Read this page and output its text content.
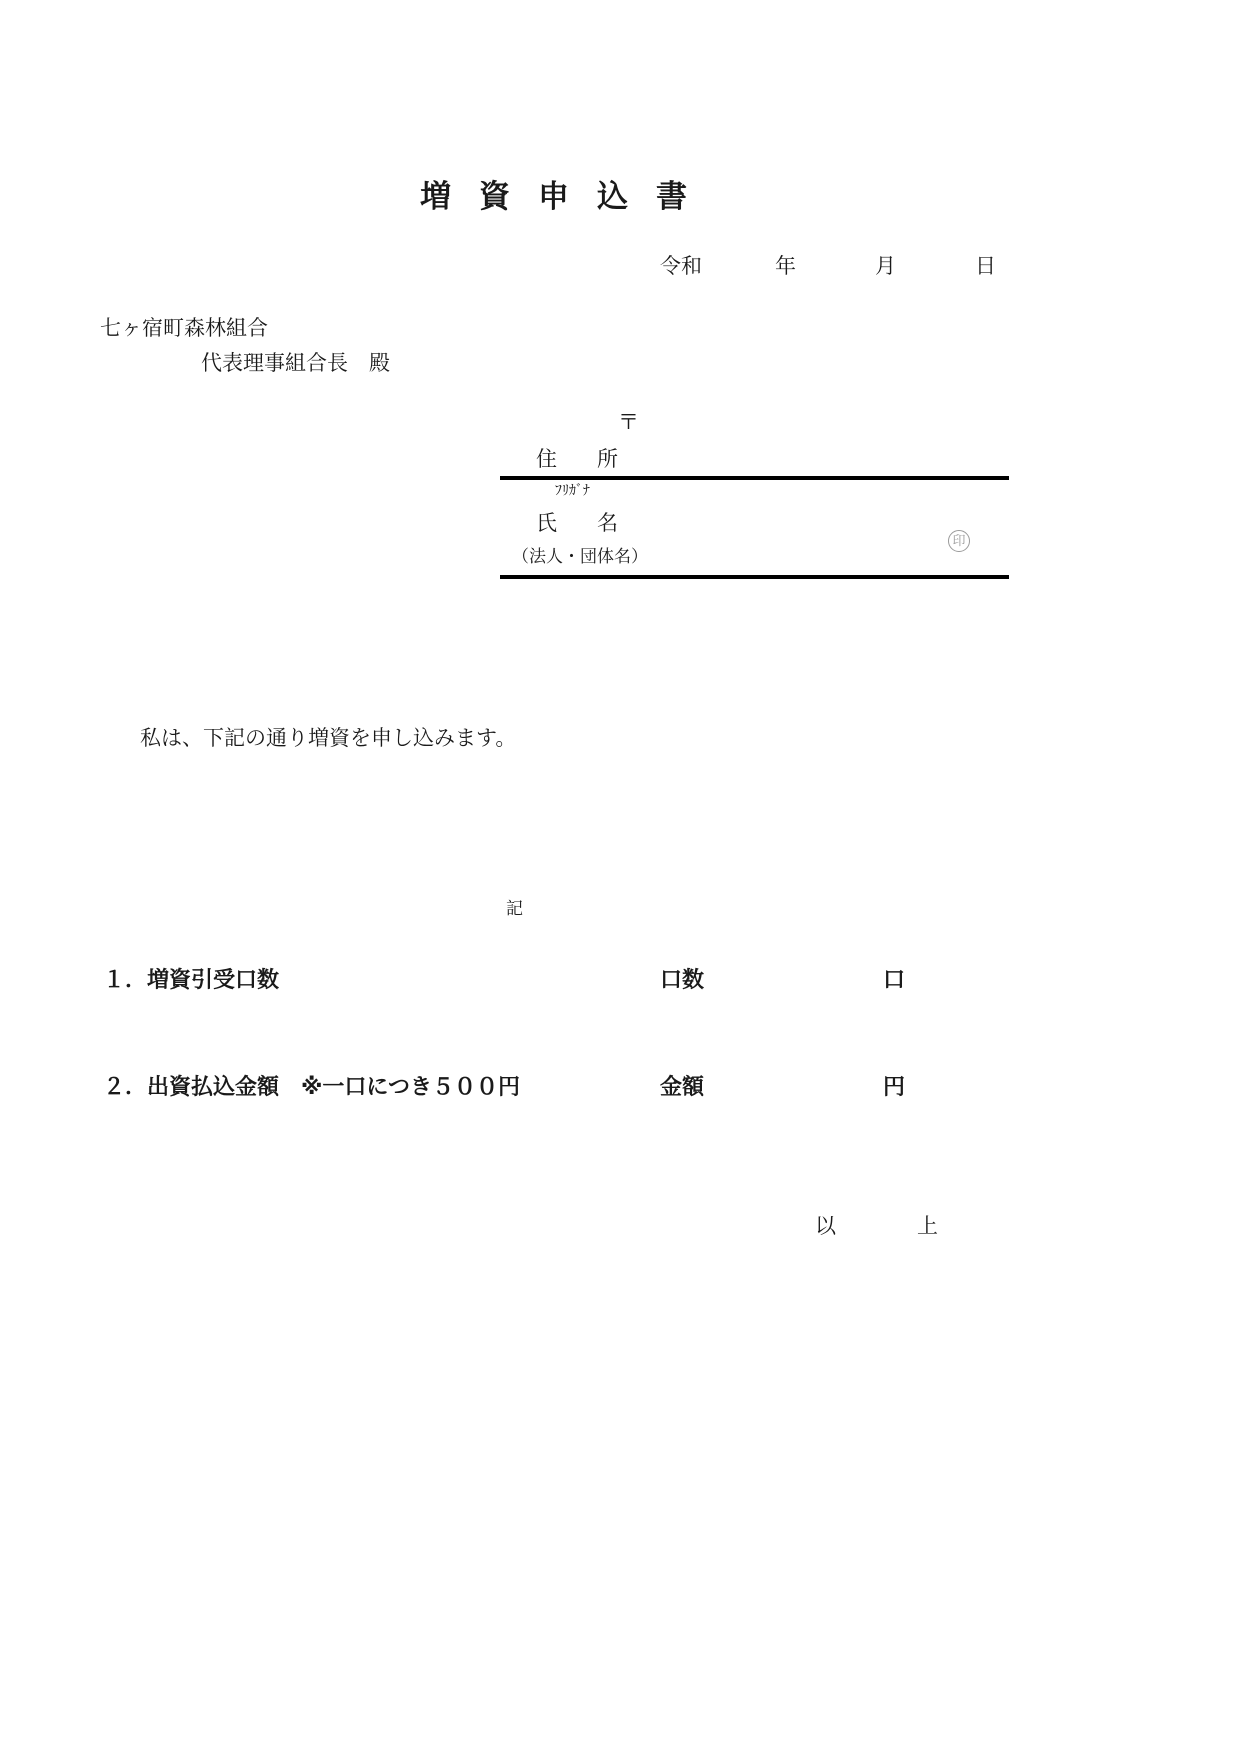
増 資 申 込 書
令和	年	月	日
七ヶ宿町森林組合
代表理事組合長　殿
〒
住 所
ﾌﾘｶﾞﾅ
氏 名
（法人・団体名）
印
私は、下記の通り増資を申し込みます。
記
１．増資引受口数	口数	口
２．出資払込金額　※一口につき５００円	金額	円
以	上
